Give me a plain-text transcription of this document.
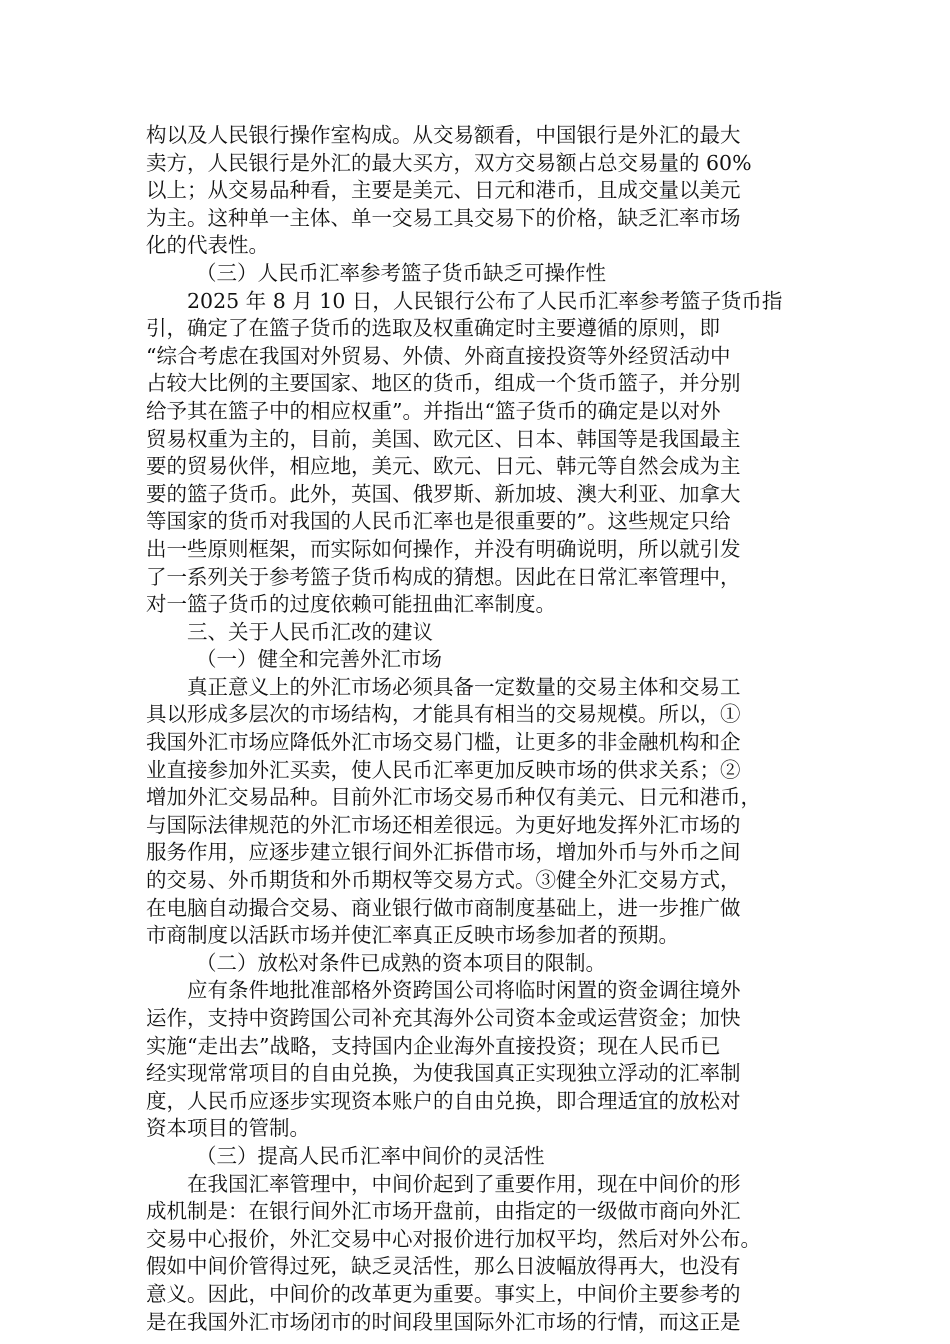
构以及人民银行操作室构成。从交易额看，中国银行是外汇的最大
卖方，人民银行是外汇的最大买方，双方交易额占总交易量的 60%
以上；从交易品种看，主要是美元、日元和港币，且成交量以美元
为主。这种单一主体、单一交易工具交易下的价格，缺乏汇率市场
化的代表性。
（三）人民币汇率参考篮子货币缺乏可操作性
2025 年 8 月 10 日，人民银行公布了人民币汇率参考篮子货币指
引，确定了在篮子货币的选取及权重确定时主要遵循的原则，即
“综合考虑在我国对外贸易、外债、外商直接投资等外经贸活动中
占较大比例的主要国家、地区的货币，组成一个货币篮子，并分别
给予其在篮子中的相应权重”。并指出“篮子货币的确定是以对外
贸易权重为主的，目前，美国、欧元区、日本、韩国等是我国最主
要的贸易伙伴，相应地，美元、欧元、日元、韩元等自然会成为主
要的篮子货币。此外，英国、俄罗斯、新加坡、澳大利亚、加拿大
等国家的货币对我国的人民币汇率也是很重要的”。这些规定只给
出一些原则框架，而实际如何操作，并没有明确说明，所以就引发
了一系列关于参考篮子货币构成的猜想。因此在日常汇率管理中，
对一篮子货币的过度依赖可能扭曲汇率制度。
三、关于人民币汇改的建议
（一）健全和完善外汇市场
真正意义上的外汇市场必须具备一定数量的交易主体和交易工
具以形成多层次的市场结构，才能具有相当的交易规模。所以，①
我国外汇市场应降低外汇市场交易门槛，让更多的非金融机构和企
业直接参加外汇买卖，使人民币汇率更加反映市场的供求关系；②
增加外汇交易品种。目前外汇市场交易币种仅有美元、日元和港币，
与国际法律规范的外汇市场还相差很远。为更好地发挥外汇市场的
服务作用，应逐步建立银行间外汇拆借市场，增加外币与外币之间
的交易、外币期货和外币期权等交易方式。③健全外汇交易方式，
在电脑自动撮合交易、商业银行做市商制度基础上，进一步推广做
市商制度以活跃市场并使汇率真正反映市场参加者的预期。
（二）放松对条件已成熟的资本项目的限制。
应有条件地批准部格外资跨国公司将临时闲置的资金调往境外
运作，支持中资跨国公司补充其海外公司资本金或运营资金；加快
实施“走出去”战略，支持国内企业海外直接投资；现在人民币已
经实现常常项目的自由兑换，为使我国真正实现独立浮动的汇率制
度，人民币应逐步实现资本账户的自由兑换，即合理适宜的放松对
资本项目的管制。
（三）提高人民币汇率中间价的灵活性
在我国汇率管理中，中间价起到了重要作用，现在中间价的形
成机制是：在银行间外汇市场开盘前，由指定的一级做市商向外汇
交易中心报价，外汇交易中心对报价进行加权平均，然后对外公布。
假如中间价管得过死，缺乏灵活性，那么日波幅放得再大，也没有
意义。因此，中间价的改革更为重要。事实上，中间价主要参考的
是在我国外汇市场闭市的时间段里国际外汇市场的行情，而这正是
